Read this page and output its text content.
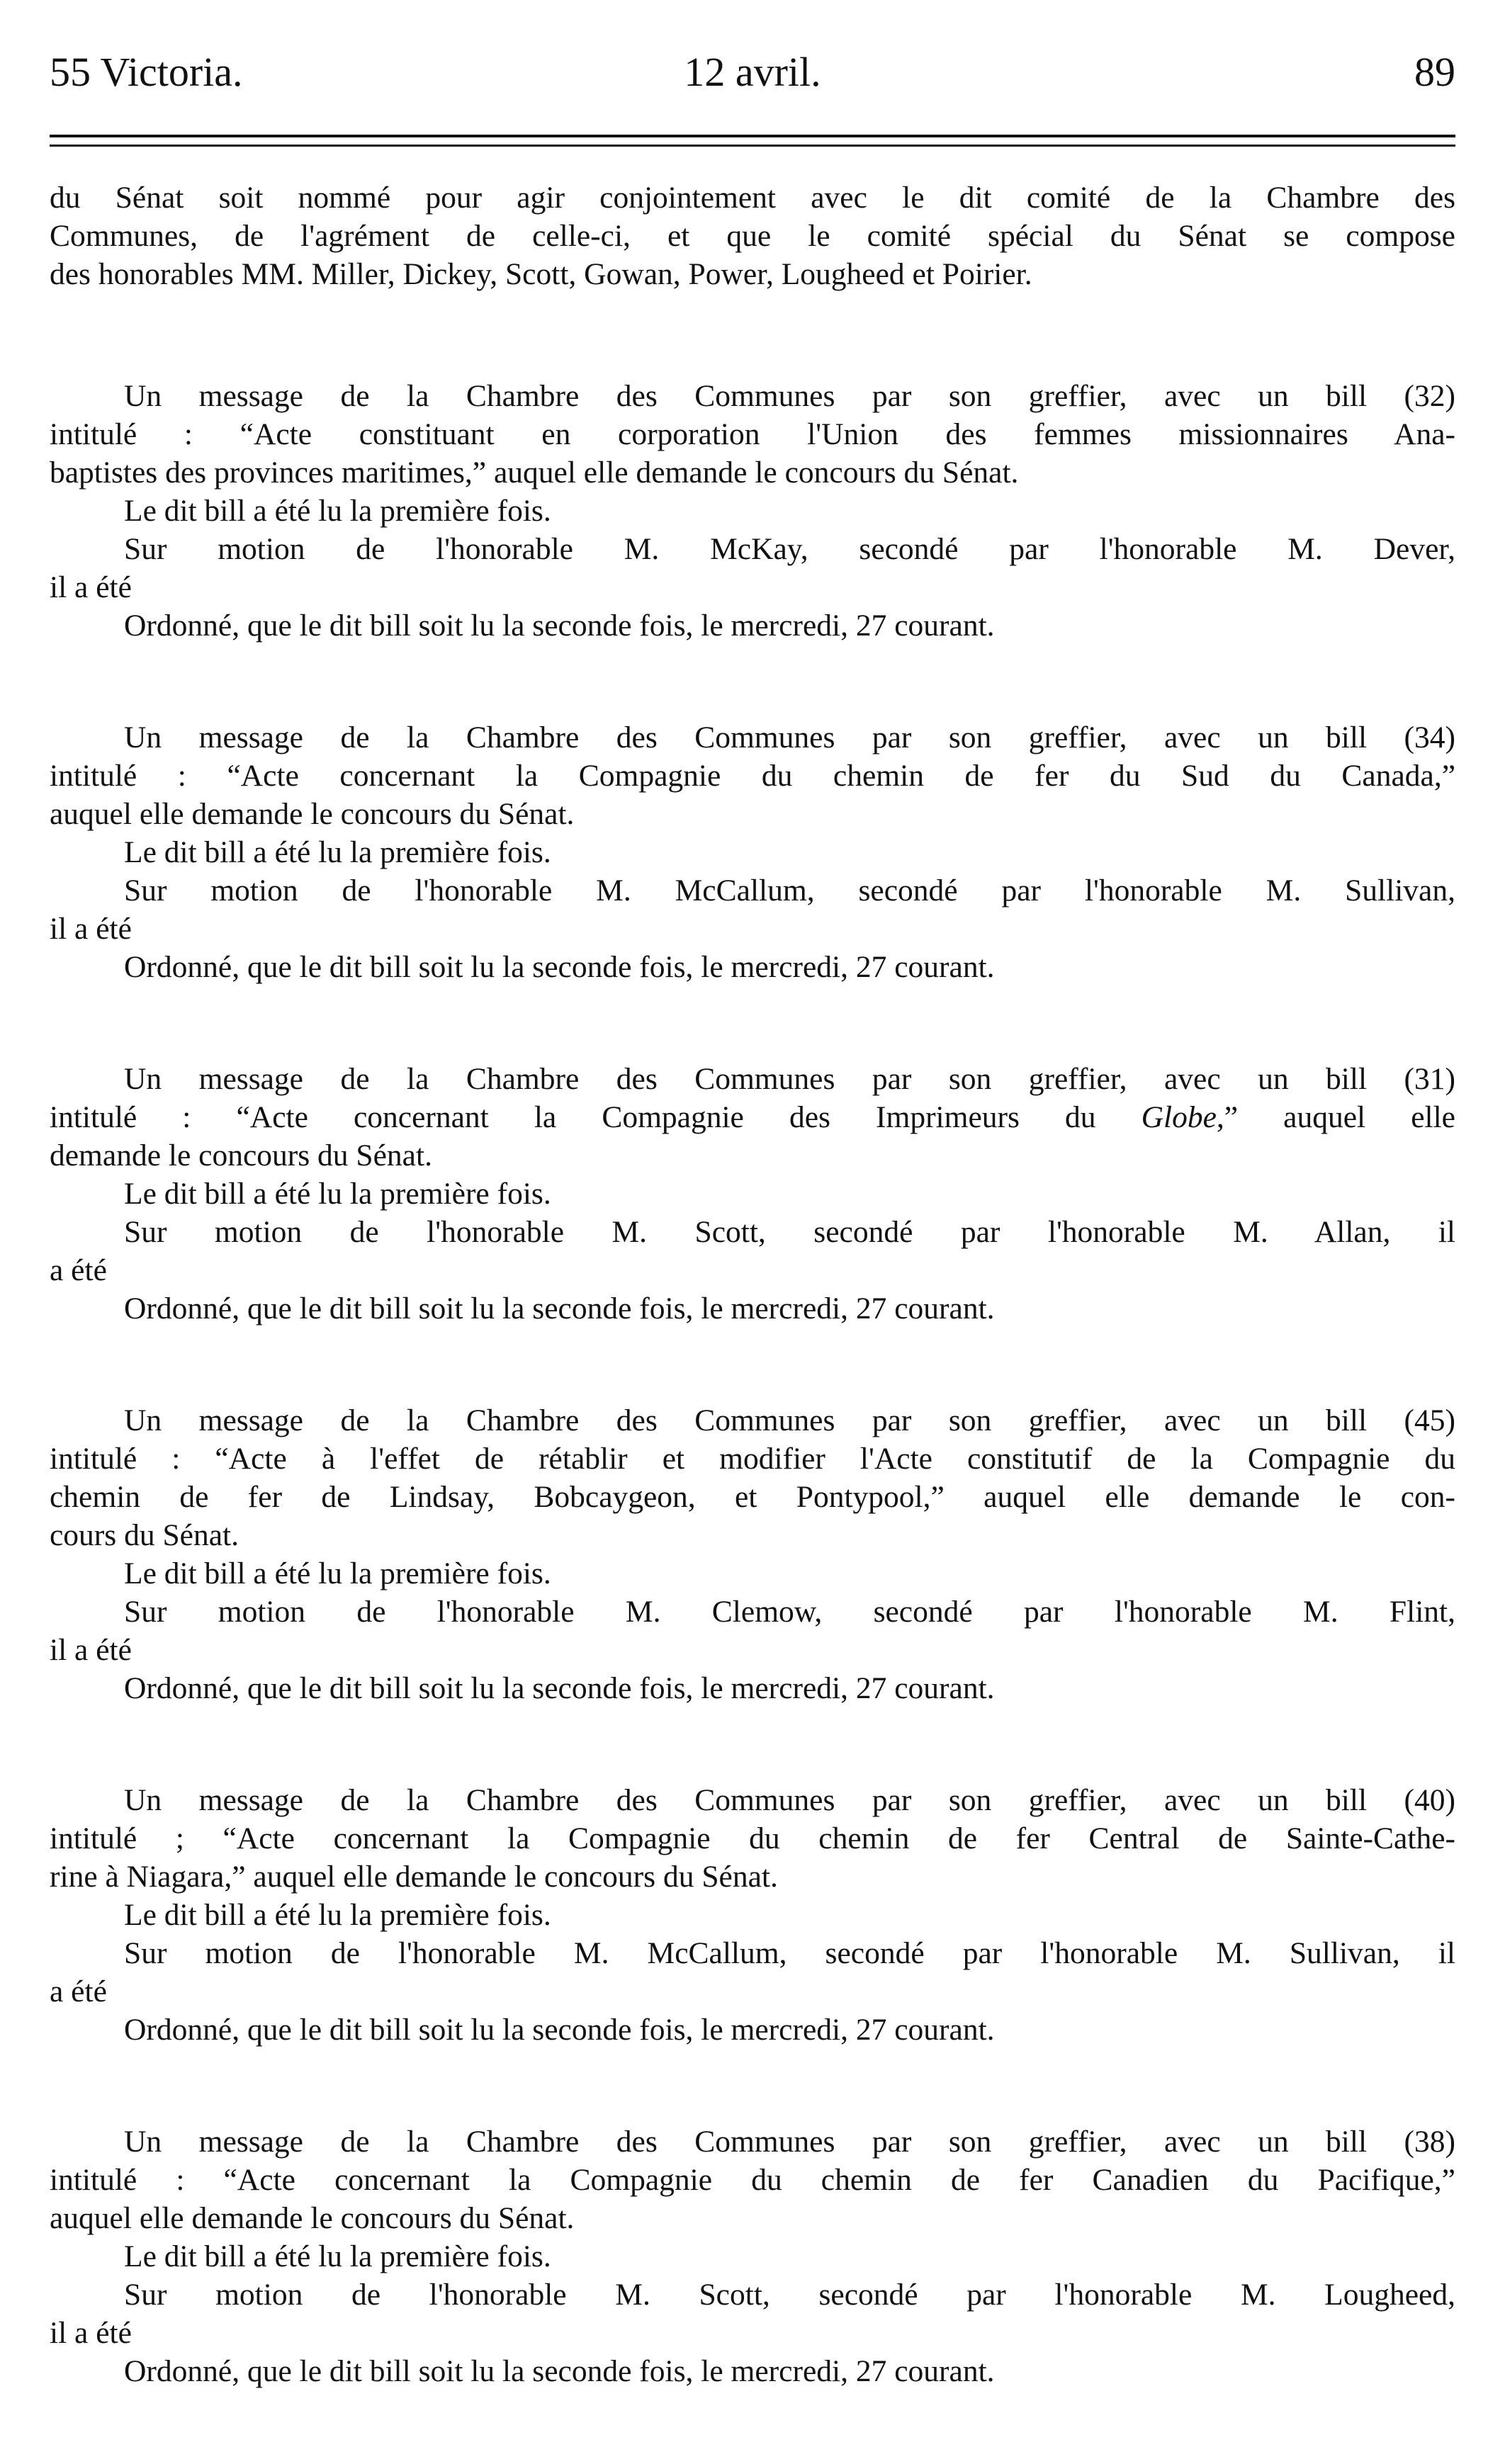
55 Victoria.	12 avril.	89
du Sénat soit nommé pour agir conjointement avec le dit comité de la Chambre des
Communes, de l'agrément de celle-ci, et que le comité spécial du Sénat se compose
des honorables MM. Miller, Dickey, Scott, Gowan, Power, Lougheed et Poirier.
Un message de la Chambre des Communes par son greffier, avec un bill (32)
intitulé : “Acte constituant en corporation l'Union des femmes missionnaires Ana-
baptistes des provinces maritimes,” auquel elle demande le concours du Sénat.
Le dit bill a été lu la première fois.
Sur motion de l'honorable M. McKay, secondé par l'honorable M. Dever,
il a été
Ordonné, que le dit bill soit lu la seconde fois, le mercredi, 27 courant.
Un message de la Chambre des Communes par son greffier, avec un bill (34)
intitulé : “Acte concernant la Compagnie du chemin de fer du Sud du Canada,”
auquel elle demande le concours du Sénat.
Le dit bill a été lu la première fois.
Sur motion de l'honorable M. McCallum, secondé par l'honorable M. Sullivan,
il a été
Ordonné, que le dit bill soit lu la seconde fois, le mercredi, 27 courant.
Un message de la Chambre des Communes par son greffier, avec un bill (31)
intitulé : “Acte concernant la Compagnie des Imprimeurs du Globe,” auquel elle
demande le concours du Sénat.
Le dit bill a été lu la première fois.
Sur motion de l'honorable M. Scott, secondé par l'honorable M. Allan, il
a été
Ordonné, que le dit bill soit lu la seconde fois, le mercredi, 27 courant.
Un message de la Chambre des Communes par son greffier, avec un bill (45)
intitulé : “Acte à l'effet de rétablir et modifier l'Acte constitutif de la Compagnie du
chemin de fer de Lindsay, Bobcaygeon, et Pontypool,” auquel elle demande le con-
cours du Sénat.
Le dit bill a été lu la première fois.
Sur motion de l'honorable M. Clemow, secondé par l'honorable M. Flint,
il a été
Ordonné, que le dit bill soit lu la seconde fois, le mercredi, 27 courant.
Un message de la Chambre des Communes par son greffier, avec un bill (40)
intitulé ; “Acte concernant la Compagnie du chemin de fer Central de Sainte-Cathe-
rine à Niagara,” auquel elle demande le concours du Sénat.
Le dit bill a été lu la première fois.
Sur motion de l'honorable M. McCallum, secondé par l'honorable M. Sullivan, il
a été
Ordonné, que le dit bill soit lu la seconde fois, le mercredi, 27 courant.
Un message de la Chambre des Communes par son greffier, avec un bill (38)
intitulé : “Acte concernant la Compagnie du chemin de fer Canadien du Pacifique,”
auquel elle demande le concours du Sénat.
Le dit bill a été lu la première fois.
Sur motion de l'honorable M. Scott, secondé par l'honorable M. Lougheed,
il a été
Ordonné, que le dit bill soit lu la seconde fois, le mercredi, 27 courant.
